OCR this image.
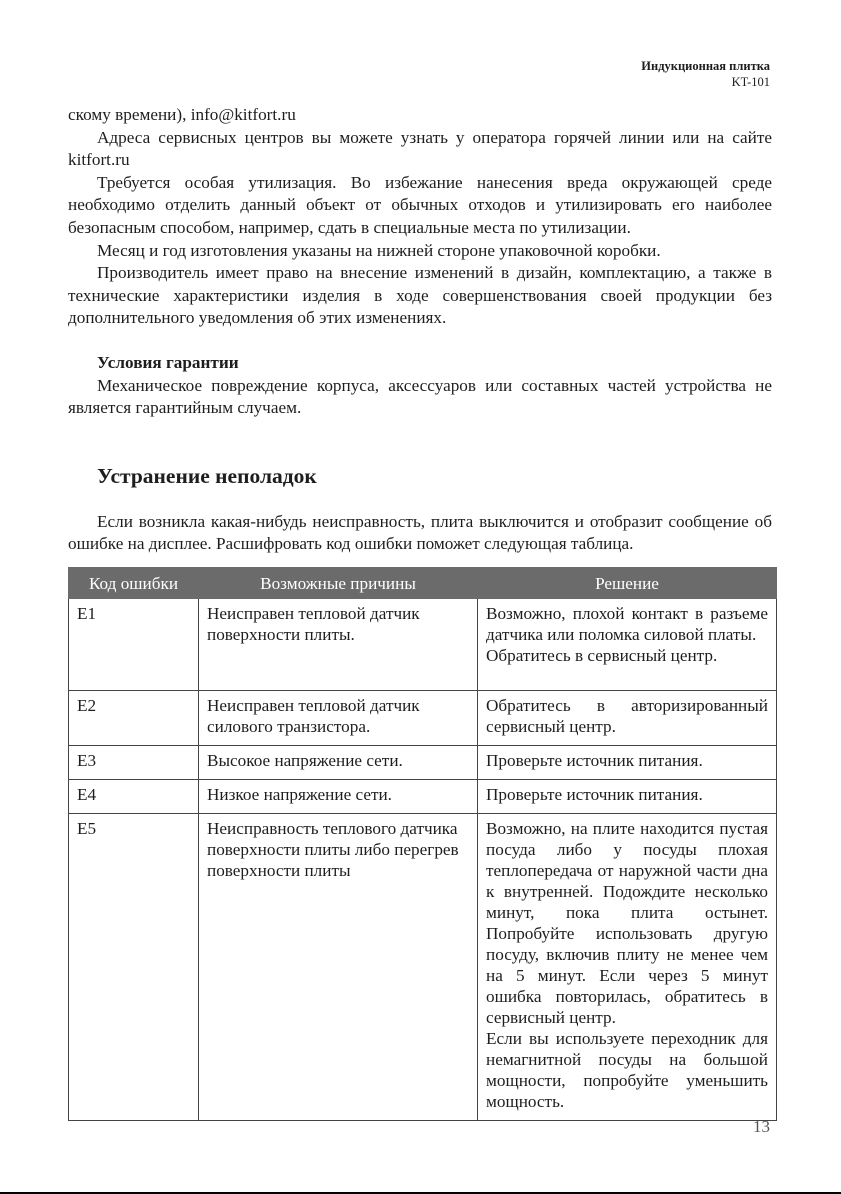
Индукционная плитка
KT-101

скому времени), info@kitfort.ru

Адреса сервисных центров вы можете узнать у оператора горячей линии или на сайте kitfort.ru

Требуется особая утилизация. Во избежание нанесения вреда окружающей среде необходимо отделить данный объект от обычных отходов и утилизировать его наиболее безопасным способом, например, сдать в специальные места по утилизации.

Месяц и год изготовления указаны на нижней стороне упаковочной коробки.

Производитель имеет право на внесение изменений в дизайн, комплектацию, а также в технические характеристики изделия в ходе совершенствования своей продукции без дополнительного уведомления об этих изменениях.

Условия гарантии

Механическое повреждение корпуса, аксессуаров или составных частей устройства не является гарантийным случаем.

Устранение неполадок

Если возникла какая-нибудь неисправность, плита выключится и отобразит сообщение об ошибке на дисплее. Расшифровать код ошибки поможет следующая таблица.

Код ошибки	Возможные причины	Решение
E1	Неисправен тепловой датчик поверхности плиты.	Возможно, плохой контакт в разъеме датчика или поломка силовой платы.
Обратитесь в сервисный центр.

E2	Неисправен тепловой датчик силового транзистора.	Обратитесь в авторизированный сервисный центр.

E3	Высокое напряжение сети.	Проверьте источник питания.

E4	Низкое напряжение сети.	Проверьте источник питания.

E5	Неисправность теплового датчика поверхности плиты либо перегрев поверхности плиты	Возможно, на плите находится пустая посуда либо у посуды плохая теплопередача от наружной части дна к внутренней. Подождите несколько минут, пока плита остынет. Попробуйте использовать другую посуду, включив плиту не менее чем на 5 минут. Если через 5 минут ошибка повторилась, обратитесь в сервисный центр.
Если вы используете переходник для немагнитной посуды на большой мощности, попробуйте уменьшить мощность.
13
